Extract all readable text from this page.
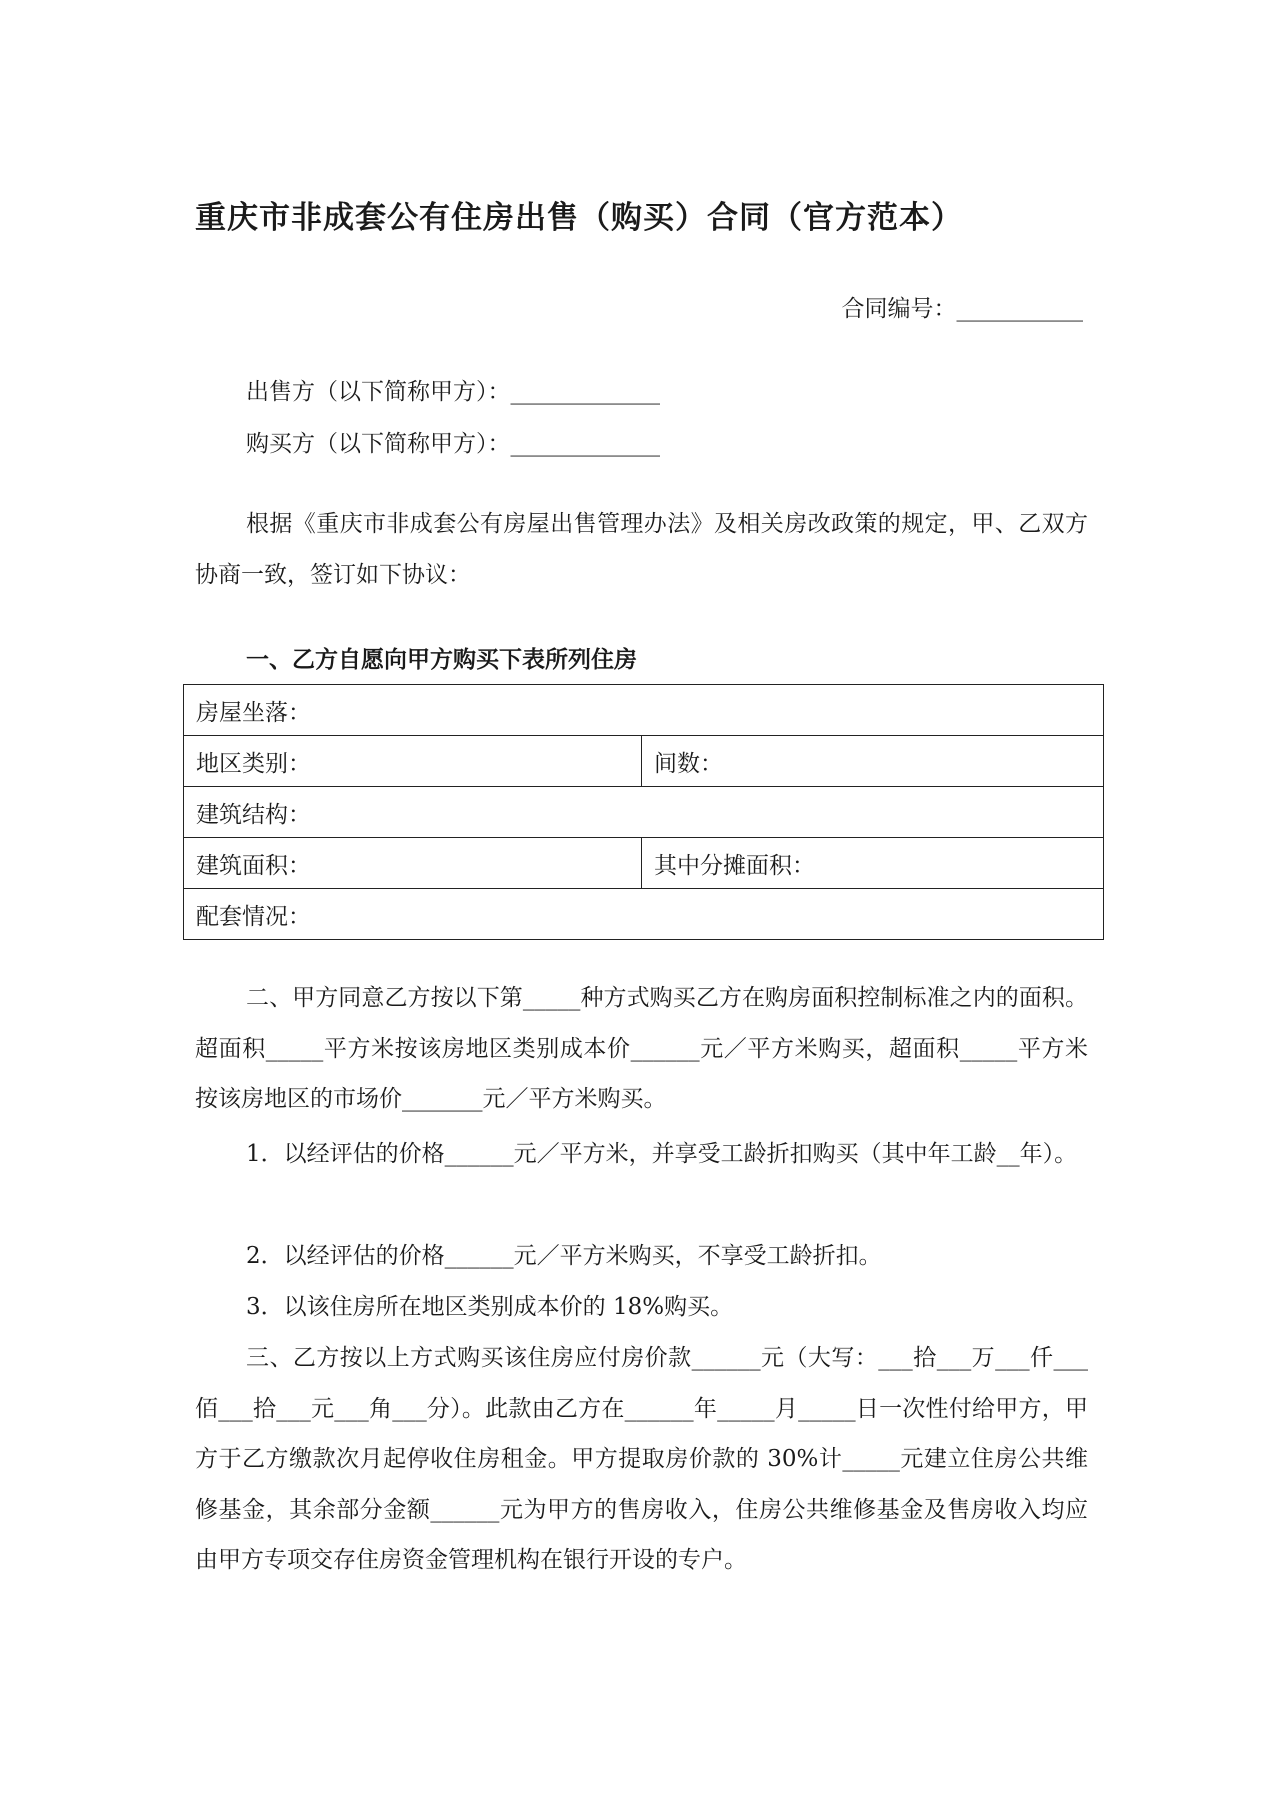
重庆市非成套公有住房出售（购买）合同（官方范本）
合同编号：___________
出售方（以下简称甲方）：_____________
购买方（以下简称甲方）：_____________

根据《重庆市非成套公有房屋出售管理办法》及相关房改政策的规定，甲、乙双方协商一致，签订如下协议：

一、乙方自愿向甲方购买下表所列住房
房屋坐落：	
地区类别：	间数：
建筑结构：	
建筑面积：	其中分摊面积：
配套情况：	

二、甲方同意乙方按以下第_____种方式购买乙方在购房面积控制标准之内的面积。超面积_____平方米按该房地区类别成本价______元／平方米购买，超面积_____平方米按该房地区的市场价_______元／平方米购买。

1．以经评估的价格______元／平方米，并享受工龄折扣购买（其中年工龄__年）。

2．以经评估的价格______元／平方米购买，不享受工龄折扣。

3．以该住房所在地区类别成本价的 18%购买。

三、乙方按以上方式购买该住房应付房价款______元（大写：___拾___万___仟___佰___拾___元___角___分）。此款由乙方在______年_____月_____日一次性付给甲方，甲方于乙方缴款次月起停收住房租金。甲方提取房价款的 30%计_____元建立住房公共维修基金，其余部分金额______元为甲方的售房收入，住房公共维修基金及售房收入均应由甲方专项交存住房资金管理机构在银行开设的专户。
